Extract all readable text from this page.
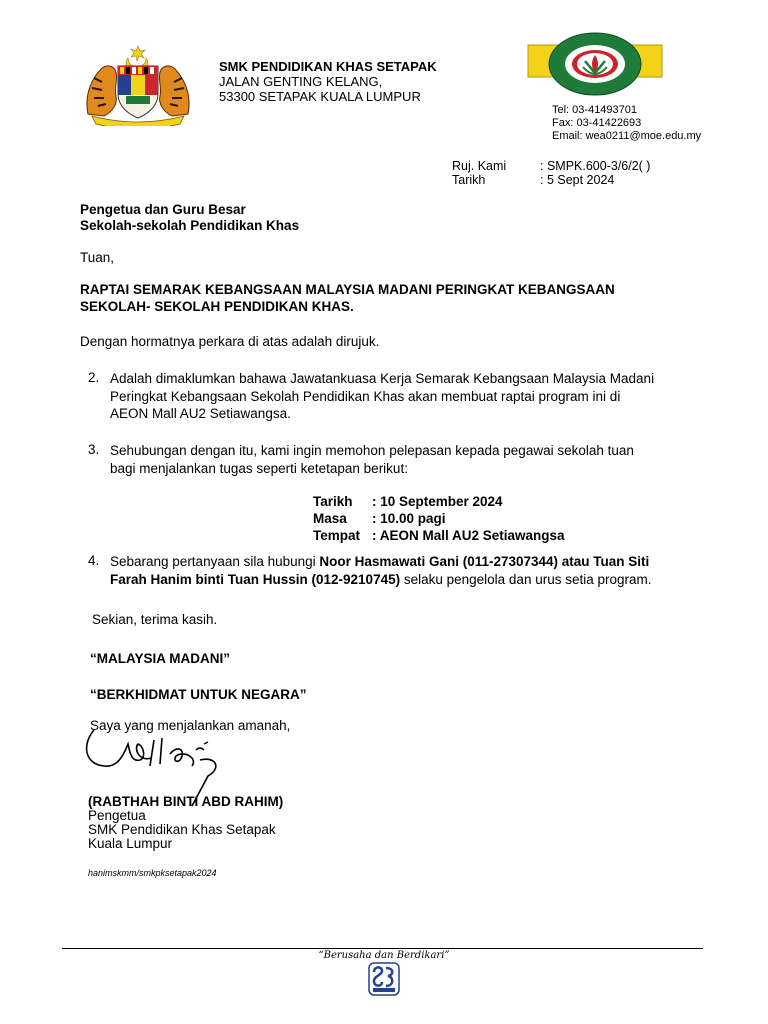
SMK PENDIDIKAN KHAS SETAPAK
JALAN GENTING KELANG,
53300 SETAPAK KUALA LUMPUR
Tel: 03-41493701
Fax: 03-41422693
Email: wea0211@moe.edu.my
Ruj. Kami	: SMPK.600-3/6/2( )
Tarikh	: 5 Sept 2024
Pengetua dan Guru Besar
Sekolah-sekolah Pendidikan Khas
Tuan,
RAPTAI SEMARAK KEBANGSAAN MALAYSIA MADANI PERINGKAT KEBANGSAAN
SEKOLAH- SEKOLAH PENDIDIKAN KHAS.
Dengan hormatnya perkara di atas adalah dirujuk.
2. Adalah dimaklumkan bahawa Jawatankuasa Kerja Semarak Kebangsaan Malaysia Madani
Peringkat Kebangsaan Sekolah Pendidikan Khas akan membuat raptai program ini di
AEON Mall AU2 Setiawangsa.
3. Sehubungan dengan itu, kami ingin memohon pelepasan kepada pegawai sekolah tuan
bagi menjalankan tugas seperti ketetapan berikut:
Tarikh : 10 September 2024
Masa : 10.00 pagi
Tempat : AEON Mall AU2 Setiawangsa
4. Sebarang pertanyaan sila hubungi Noor Hasmawati Gani (011-27307344) atau Tuan Siti
Farah Hanim binti Tuan Hussin (012-9210745) selaku pengelola dan urus setia program.
Sekian, terima kasih.
“MALAYSIA MADANI”
“BERKHIDMAT UNTUK NEGARA”
Saya yang menjalankan amanah,
(RABTHAH BINTI ABD RAHIM)
Pengetua
SMK Pendidikan Khas Setapak
Kuala Lumpur
hanimskmm/smkpksetapak2024
“Berusaha dan Berdikari”
